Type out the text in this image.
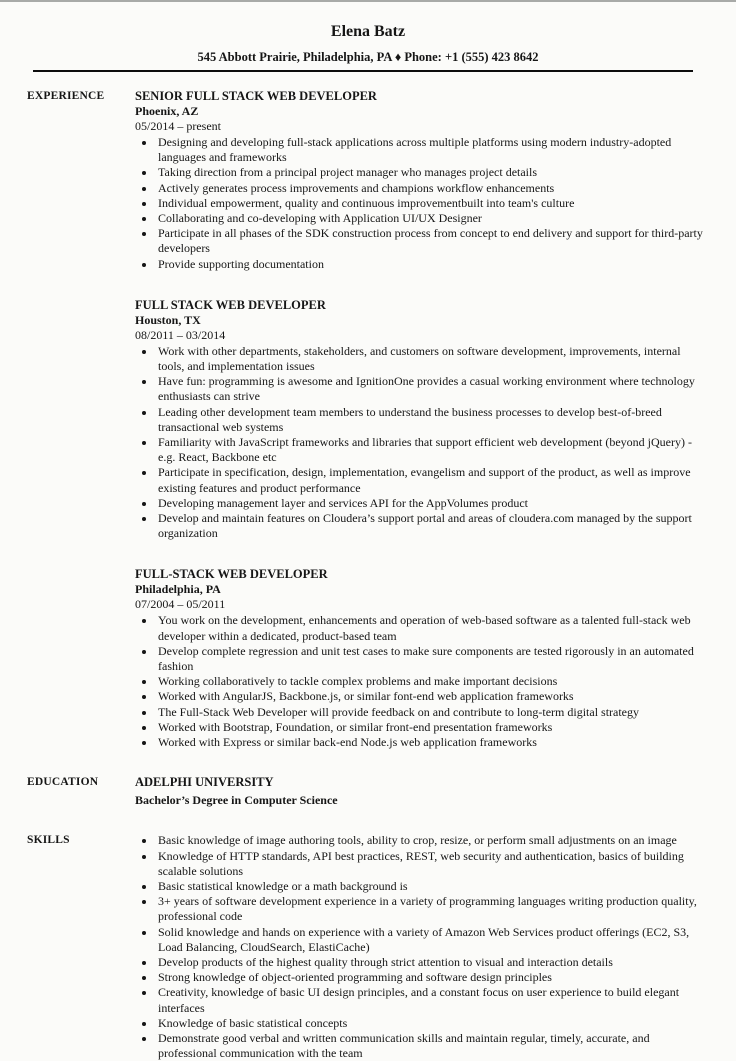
Elena Batz
545 Abbott Prairie, Philadelphia, PA ♦ Phone: +1 (555) 423 8642
EXPERIENCE	SENIOR FULL STACK WEB DEVELOPER
Phoenix, AZ
05/2014 – present
• Designing and developing full-stack applications across multiple platforms using modern industry-adopted languages and frameworks
• Taking direction from a principal project manager who manages project details
• Actively generates process improvements and champions workflow enhancements
• Individual empowerment, quality and continuous improvementbuilt into team's culture
• Collaborating and co-developing with Application UI/UX Designer
• Participate in all phases of the SDK construction process from concept to end delivery and support for third-party developers
• Provide supporting documentation
FULL STACK WEB DEVELOPER
Houston, TX
08/2011 – 03/2014
• Work with other departments, stakeholders, and customers on software development, improvements, internal tools, and implementation issues
• Have fun: programming is awesome and IgnitionOne provides a casual working environment where technology enthusiasts can strive
• Leading other development team members to understand the business processes to develop best-of-breed transactional web systems
• Familiarity with JavaScript frameworks and libraries that support efficient web development (beyond jQuery) - e.g. React, Backbone etc
• Participate in specification, design, implementation, evangelism and support of the product, as well as improve existing features and product performance
• Developing management layer and services API for the AppVolumes product
• Develop and maintain features on Cloudera’s support portal and areas of cloudera.com managed by the support organization
FULL-STACK WEB DEVELOPER
Philadelphia, PA
07/2004 – 05/2011
• You work on the development, enhancements and operation of web-based software as a talented full-stack web developer within a dedicated, product-based team
• Develop complete regression and unit test cases to make sure components are tested rigorously in an automated fashion
• Working collaboratively to tackle complex problems and make important decisions
• Worked with AngularJS, Backbone.js, or similar font-end web application frameworks
• The Full-Stack Web Developer will provide feedback on and contribute to long-term digital strategy
• Worked with Bootstrap, Foundation, or similar front-end presentation frameworks
• Worked with Express or similar back-end Node.js web application frameworks
EDUCATION	ADELPHI UNIVERSITY
Bachelor’s Degree in Computer Science
SKILLS	• Basic knowledge of image authoring tools, ability to crop, resize, or perform small adjustments on an image
• Knowledge of HTTP standards, API best practices, REST, web security and authentication, basics of building scalable solutions
• Basic statistical knowledge or a math background is
• 3+ years of software development experience in a variety of programming languages writing production quality, professional code
• Solid knowledge and hands on experience with a variety of Amazon Web Services product offerings (EC2, S3, Load Balancing, CloudSearch, ElastiCache)
• Develop products of the highest quality through strict attention to visual and interaction details
• Strong knowledge of object-oriented programming and software design principles
• Creativity, knowledge of basic UI design principles, and a constant focus on user experience to build elegant interfaces
• Knowledge of basic statistical concepts
• Demonstrate good verbal and written communication skills and maintain regular, timely, accurate, and professional communication with the team
